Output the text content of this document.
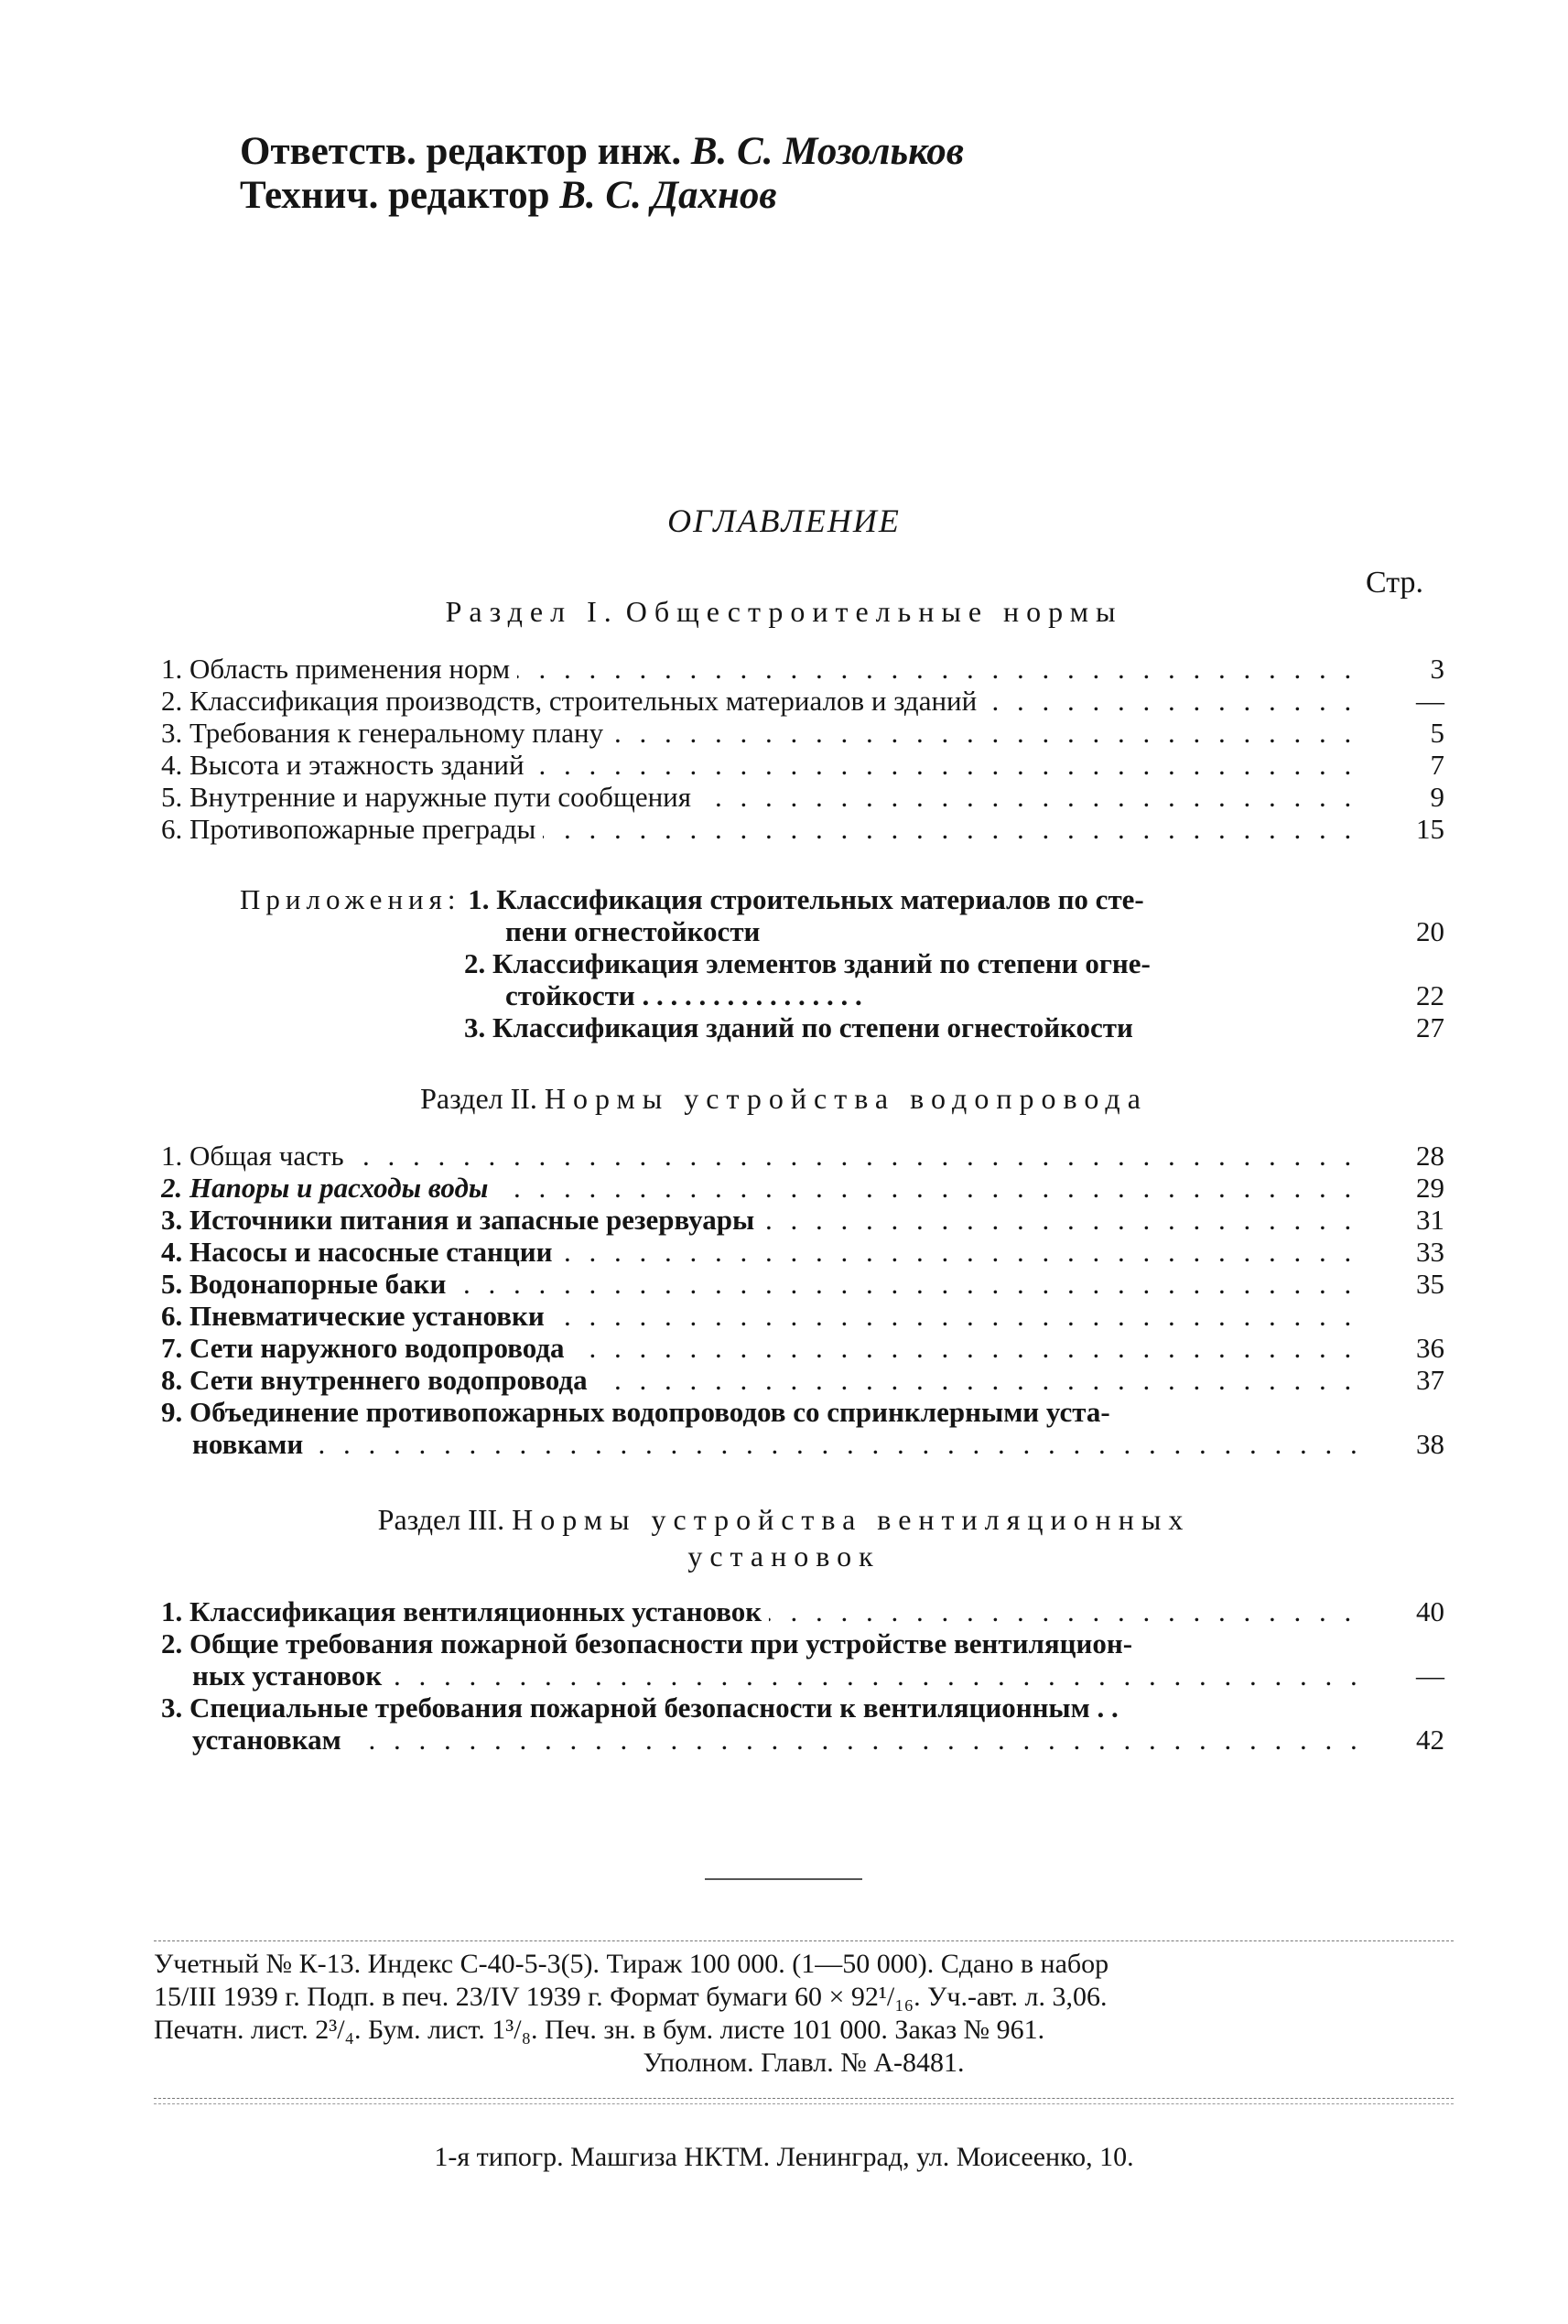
Ответств. редактор инж. В. С. Мозольков
Технич. редактор В. С. Дахнов
ОГЛАВЛЕНИЕ
Стр.
Раздел I. Общестроительные нормы
1. Область применения норм . . .	3
2. Классификация производств, строительных материалов и зданий . . .	—
3. Требования к генеральному плану . . .	5
4. Высота и этажность зданий . . .	7
5. Внутренние и наружные пути сообщения . . .	9
6. Противопожарные преграды . . .	15
Приложения: 1. Классификация строительных материалов по сте-
пени огнестойкости	20
2. Классификация элементов зданий по степени огне-
стойкости . . . . . . . . . . . . . . . .	22
3. Классификация зданий по степени огнестойкости	27
Раздел II. Нормы устройства водопровода
1. Общая часть . . .	28
2. Напоры и расходы воды . . .	29
3. Источники питания и запасные резервуары . . .	31
4. Насосы и насосные станции . . .	33
5. Водонапорные баки . . .	35
6. Пневматические установки . . .
7. Сети наружного водопровода . . .	36
8. Сети внутреннего водопровода . . .	37
9. Объединение противопожарных водопроводов со спринклерными уста-
новками . . .	38
Раздел III. Нормы устройства вентиляционных
установок
1. Классификация вентиляционных установок . . .	40
2. Общие требования пожарной безопасности при устройстве вентиляцион-
ных установок . . .	—
3. Специальные требования пожарной безопасности к вентиляционным . .
установкам . . .	42
Учетный № К-13. Индекс С-40-5-3(5). Тираж 100 000. (1—50 000). Сдано в набор
15/III 1939 г. Подп. в печ. 23/IV 1939 г. Формат бумаги 60 × 92¹/₁₆. Уч.-авт. л. 3,06.
Печатн. лист. 2³/₄. Бум. лист. 1³/₈. Печ. зн. в бум. листе 101 000. Заказ № 961.
Уполном. Главл. № А-8481.
1-я типогр. Машгиза НКТМ. Ленинград, ул. Моисеенко, 10.
